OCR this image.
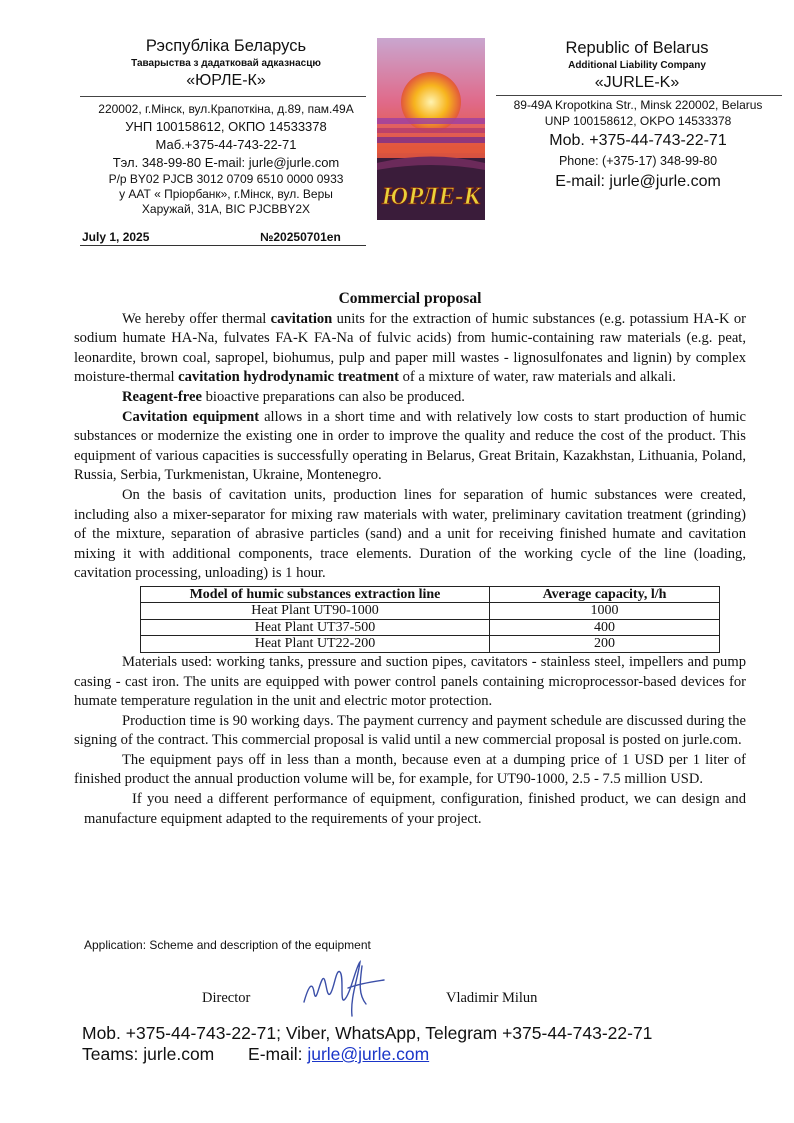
Рэспубліка Беларусь
Таварыства з дадатковай адказнасцю
«ЮРЛЕ-К»
220002, г.Мінск, вул.Крапоткіна, д.89, пам.49А
УНП 100158612, ОКПО 14533378
Маб.+375-44-743-22-71
Тэл. 348-99-80 E-mail: jurle@jurle.com
Р/р BY02 PJCB 3012 0709 6510 0000 0933
у ААТ « Пріорбанк», г.Мінск, вул. Веры
Харужай, 31А, BIC PJCBBY2X
July 1, 2025	№20250701en
ЮРЛЕ-К
Republic of Belarus
Additional Liability Company
«JURLE-K»
89-49A Kropotkina Str., Minsk 220002, Belarus
UNP 100158612, OKPO 14533378
Mob. +375-44-743-22-71
Phone: (+375-17) 348-99-80
E-mail: jurle@jurle.com
Commercial proposal

We hereby offer thermal cavitation units for the extraction of humic substances (e.g. potassium HA-K or sodium humate HA-Na, fulvates FA-K FA-Na of fulvic acids) from humic-containing raw materials (e.g. peat, leonardite, brown coal, sapropel, biohumus, pulp and paper mill wastes - lignosulfonates and lignin) by complex moisture-thermal cavitation hydrodynamic treatment of a mixture of water, raw materials and alkali.

Reagent-free bioactive preparations can also be produced.

Cavitation equipment allows in a short time and with relatively low costs to start production of humic substances or modernize the existing one in order to improve the quality and reduce the cost of the product. This equipment of various capacities is successfully operating in Belarus, Great Britain, Kazakhstan, Lithuania, Poland, Russia, Serbia, Turkmenistan, Ukraine, Montenegro.

On the basis of cavitation units, production lines for separation of humic substances were created, including also a mixer-separator for mixing raw materials with water, preliminary cavitation treatment (grinding) of the mixture, separation of abrasive particles (sand) and a unit for receiving finished humate and cavitation mixing it with additional components, trace elements. Duration of the working cycle of the line (loading, cavitation processing, unloading) is 1 hour.

Model of humic substances extraction line	Average capacity, l/h
Heat Plant UT90-1000	1000
Heat Plant UT37-500	400
Heat Plant UT22-200	200

Materials used: working tanks, pressure and suction pipes, cavitators - stainless steel, impellers and pump casing - cast iron. The units are equipped with power control panels containing microprocessor-based devices for humate temperature regulation in the unit and electric motor protection.

Production time is 90 working days. The payment currency and payment schedule are discussed during the signing of the contract. This commercial proposal is valid until a new commercial proposal is posted on jurle.com.

The equipment pays off in less than a month, because even at a dumping price of 1 USD per 1 liter of finished product the annual production volume will be, for example, for UT90-1000, 2.5 - 7.5 million USD.

If you need a different performance of equipment, configuration, finished product, we can design and manufacture equipment adapted to the requirements of your project.

Application: Scheme and description of the equipment
Director	Vladimir Milun
Mob. +375-44-743-22-71; Viber, WhatsApp, Telegram +375-44-743-22-71
Teams: jurle.com E-mail: jurle@jurle.com
